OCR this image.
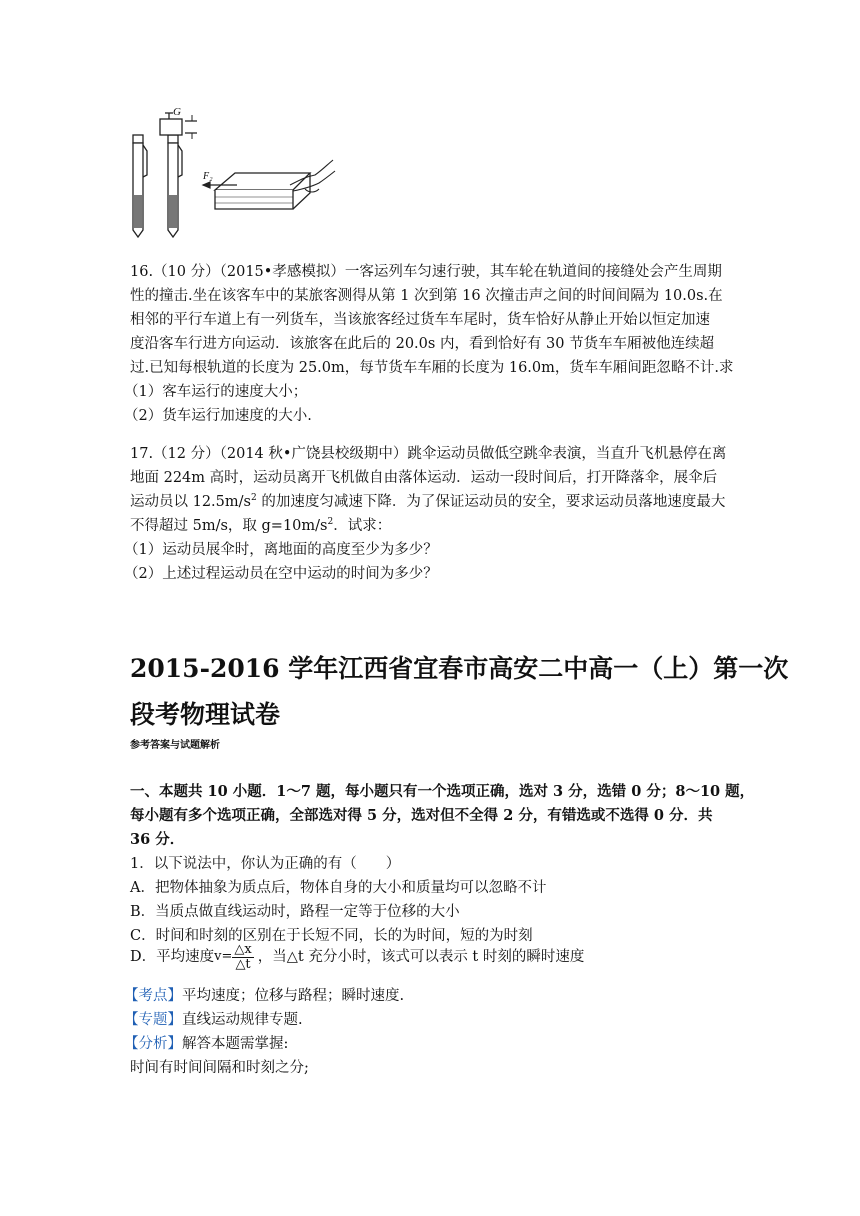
G
F₂
16.（10 分）（2015•孝感模拟）一客运列车匀速行驶，其车轮在轨道间的接缝处会产生周期
性的撞击.坐在该客车中的某旅客测得从第 1 次到第 16 次撞击声之间的时间间隔为 10.0s.在
相邻的平行车道上有一列货车，当该旅客经过货车车尾时，货车恰好从静止开始以恒定加速
度沿客车行进方向运动．该旅客在此后的 20.0s 内，看到恰好有 30 节货车车厢被他连续超
过.已知每根轨道的长度为 25.0m，每节货车车厢的长度为 16.0m，货车车厢间距忽略不计.求
（1）客车运行的速度大小；
（2）货车运行加速度的大小.
17.（12 分）（2014 秋•广饶县校级期中）跳伞运动员做低空跳伞表演，当直升飞机悬停在离
地面 224m 高时，运动员离开飞机做自由落体运动．运动一段时间后，打开降落伞，展伞后
运动员以 $12.5m/s^2$ 的加速度匀减速下降．为了保证运动员的安全，要求运动员落地速度最大
不得超过 5m/s，取 $g=10m/s^2$．试求：
（1）运动员展伞时，离地面的高度至少为多少？
（2）上述过程运动员在空中运动的时间为多少？
2015-2016 学年江西省宜春市高安二中高一（上）第一次
段考物理试卷
参考答案与试题解析
一、本题共 10 小题．1～7 题，每小题只有一个选项正确，选对 3 分，选错 0 分；8～10 题，
每小题有多个选项正确，全部选对得 5 分，选对但不全得 2 分，有错选或不选得 0 分．共
36 分．
1．以下说法中，你认为正确的有（　　）
A．把物体抽象为质点后，物体自身的大小和质量均可以忽略不计
B．当质点做直线运动时，路程一定等于位移的大小
C．时间和时刻的区别在于长短不同，长的为时间，短的为时刻
D．平均速度$v= \frac{\triangle x}{\triangle t}$ ，当△t 充分小时，该式可以表示 t 时刻的瞬时速度
【考点】平均速度；位移与路程；瞬时速度.
【专题】直线运动规律专题.
【分析】解答本题需掌握:
时间有时间间隔和时刻之分;
